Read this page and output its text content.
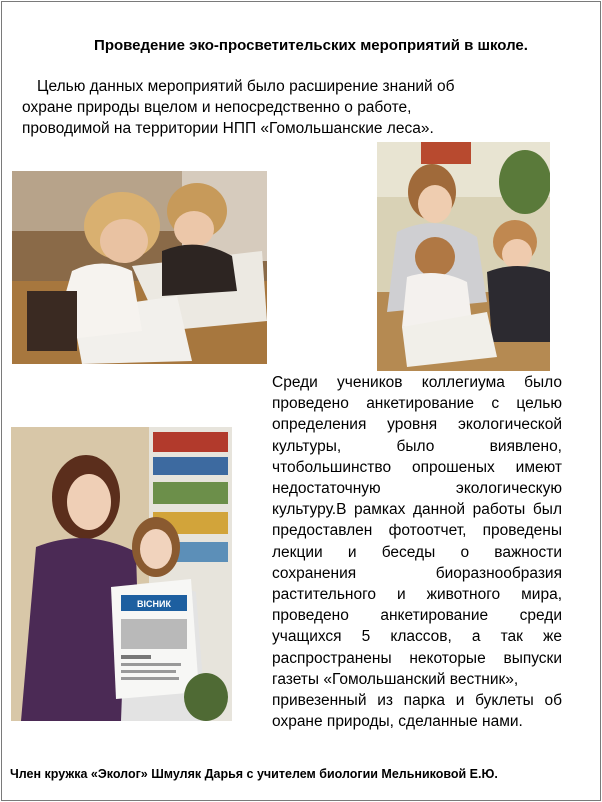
Проведение эко-просветительских мероприятий в школе.
Целью данных мероприятий было расширение знаний об
охране природы вцелом и непосредственно о работе,
проводимой на территории НПП «Гомольшанские леса».
ВІСНИК
Среди учеников коллегиума было проведено анкетирование с целью определения уровня экологической культуры, было виявлено, чтобольшинство опрошеных имеют недостаточную экологическую культуру.В рамках данной работы был предоставлен фотоотчет, проведены лекции и беседы о важности сохранения биоразнообразия растительного и животного мира, проведено анкетирование среди учащихся 5 классов, а так же распространены некоторые выпуски газеты «Гомольшанский вестник»,
привезенный из парка и буклеты об охране природы, сделанные нами.
Член кружка «Эколог» Шмуляк Дарья с учителем биологии Мельниковой Е.Ю.
